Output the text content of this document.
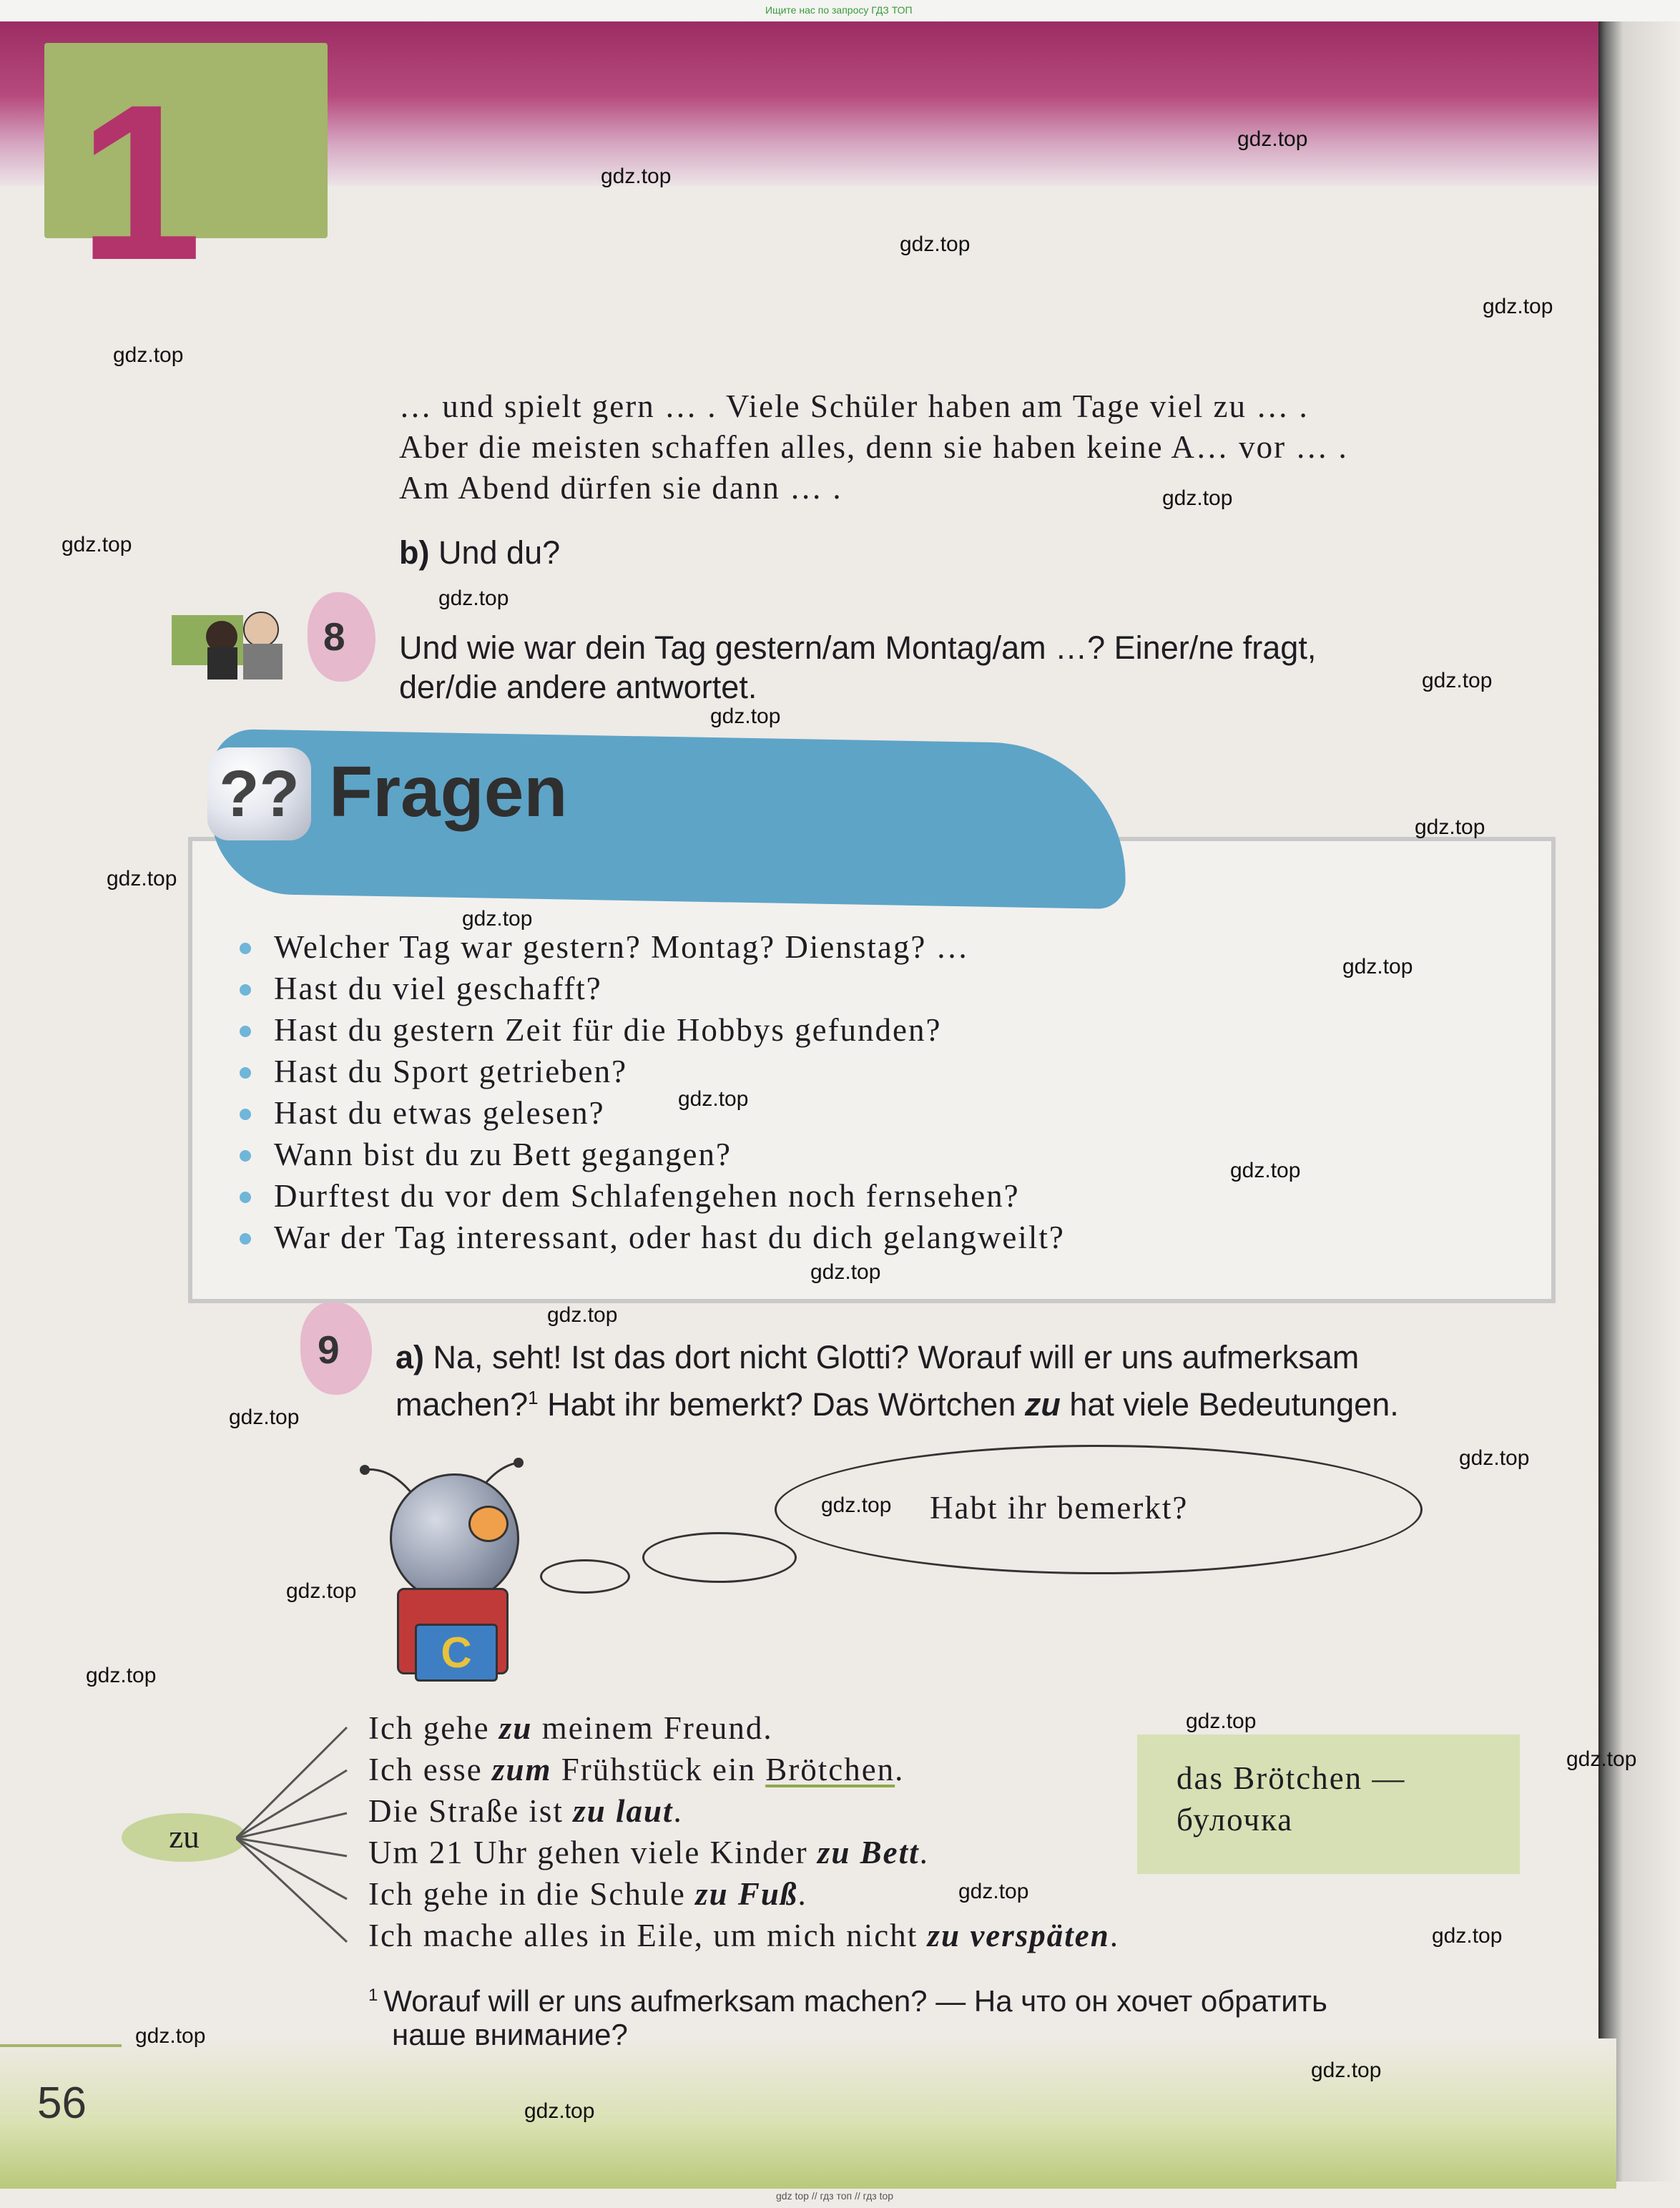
Ищите нас по запросу ГДЗ ТОП
gdz top // гдз топ // гдз top
1
… und spielt gern … . Viele Schüler haben am Tage viel zu … .
Aber die meisten schaffen alles, denn sie haben keine A… vor … .
Am Abend dürfen sie dann … .
b) Und du?
8 Und wie war dein Tag gestern/am Montag/am …? Einer/ne fragt,
der/die andere antwortet.
?? Fragen
Welcher Tag war gestern? Montag? Dienstag? …
Hast du viel geschafft?
Hast du gestern Zeit für die Hobbys gefunden?
Hast du Sport getrieben?
Hast du etwas gelesen?
Wann bist du zu Bett gegangen?
Durftest du vor dem Schlafengehen noch fernsehen?
War der Tag interessant, oder hast du dich gelangweilt?
9 a) Na, seht! Ist das dort nicht Glotti? Worauf will er uns aufmerksam
machen?$^1$ Habt ihr bemerkt? Das Wörtchen zu hat viele Bedeutungen.
C
Habt ihr bemerkt?
zu
Ich gehe zu meinem Freund.
Ich esse zum Frühstück ein Brötchen.
Die Straße ist zu laut.
Um 21 Uhr gehen viele Kinder zu Bett.
Ich gehe in die Schule zu Fuß.
Ich mache alles in Eile, um mich nicht zu verspäten.
das Brötchen —
булочка
$^1$ Worauf will er uns aufmerksam machen? — На что он хочет обратить
наше внимание?
56
gdz.top
gdz.top
gdz.top
gdz.top
gdz.top
gdz.top
gdz.top
gdz.top
gdz.top
gdz.top
gdz.top
gdz.top
gdz.top
gdz.top
gdz.top
gdz.top
gdz.top
gdz.top
gdz.top
gdz.top
gdz.top
gdz.top
gdz.top
gdz.top
gdz.top
gdz.top
gdz.top
gdz.top
gdz.top
gdz.top
